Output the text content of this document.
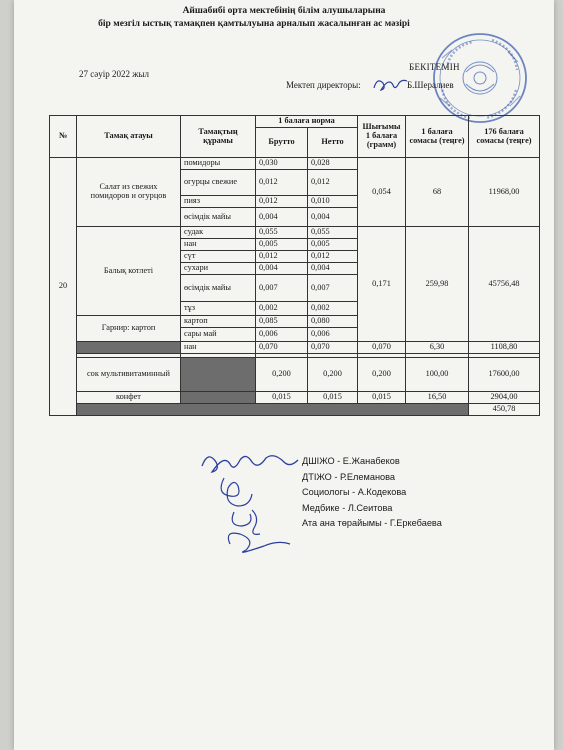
Айшабибі орта мектебінің білім алушыларына
бір мезгіл ыстық тамақпен қамтылуына арналып жасалынған ас мәзірі
БЕКІТЕМІН
27 сәуір 2022 жыл
Мектеп директоры:	Б.Шералиев
№	Тамақ атауы	Тамақтың құрамы	1 балаға норма		Шығымы 1 балаға (грамм)	1 балаға сомасы (теңге)	176 балаға сомасы (теңге)	
			Брутто	Нетто				
20	Салат из свежих помидоров и огурцов	помидоры	0,030	0,028	0,054	68	11968,00	
		огурцы свежие	0,012	0,012				
		пияз	0,012	0,010				
		өсімдік майы	0,004	0,004				
	Балық котлеті	судак	0,055	0,055	0,171	259,98	45756,48	
		нан	0,005	0,005				
		сүт	0,012	0,012				
		сухари	0,004	0,004				
		өсімдік майы	0,007	0,007				
		тұз	0,002	0,002				
	Гарнир: картоп	картоп	0,085	0,080				
		сары май	0,006	0,006				
		нан	0,070	0,070	0,070	6,30	1108,80	

	сок мультивитаминный		0,200	0,200	0,200	100,00	17600,00	
	конфет		0,015	0,015	0,015	16,50	2904,00	
							450,78	
ДШІЖО - Е.Жанабеков
ДТІЖО - Р.Елеманова
Социологы - А.Кодекова
Медбике - Л.Сеитова
Ата ана төрайымы - Г.Еркебаева
